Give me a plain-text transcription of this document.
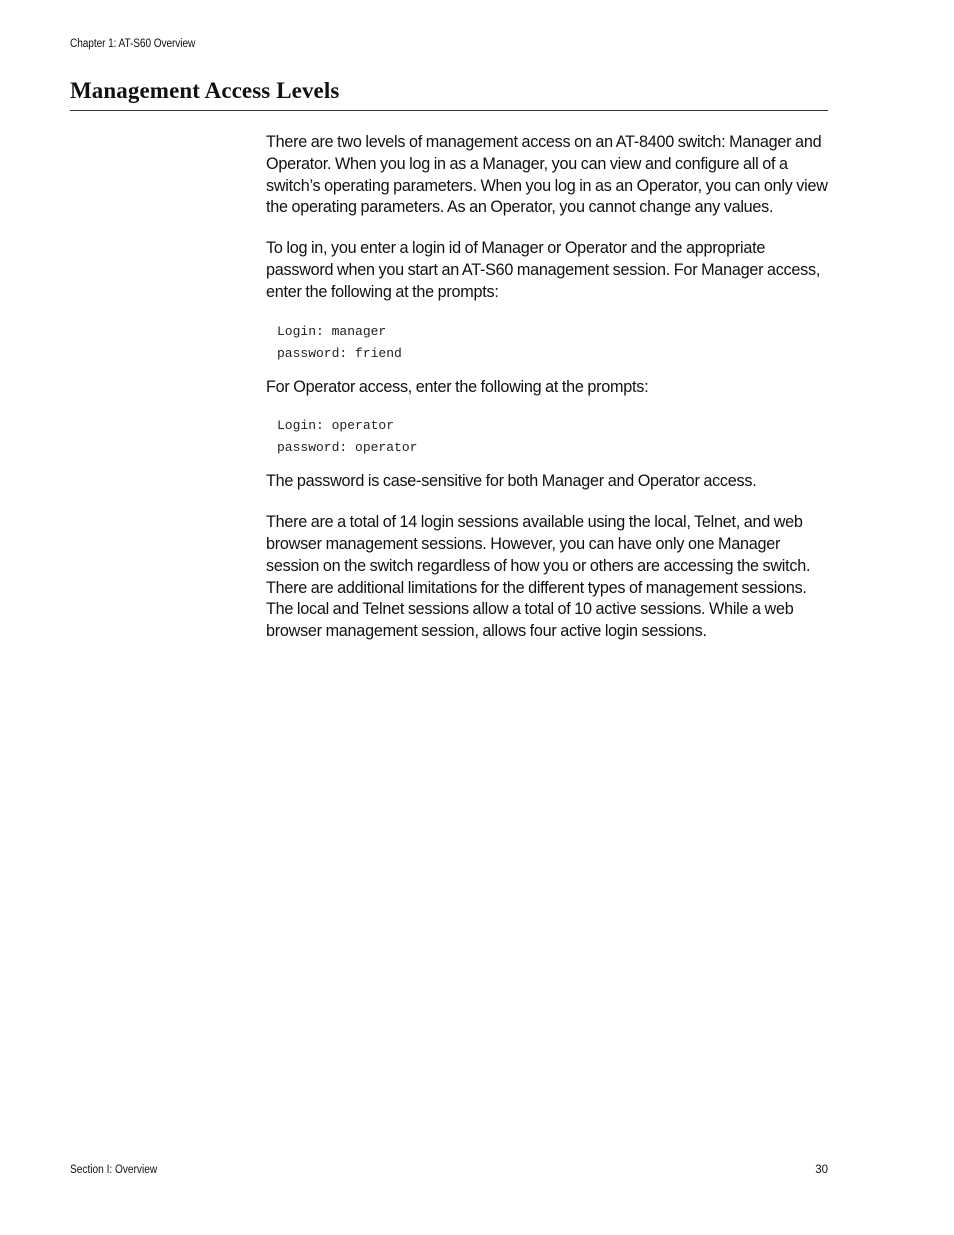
Chapter 1: AT-S60 Overview
Management Access Levels

There are two levels of management access on an AT-8400 switch: Manager and Operator. When you log in as a Manager, you can view and configure all of a switch’s operating parameters. When you log in as an Operator, you can only view the operating parameters. As an Operator, you cannot change any values.

To log in, you enter a login id of Manager or Operator and the appropriate password when you start an AT-S60 management session. For Manager access, enter the following at the prompts:

Login: manager
password: friend

For Operator access, enter the following at the prompts:

Login: operator
password: operator

The password is case-sensitive for both Manager and Operator access.

There are a total of 14 login sessions available using the local, Telnet, and web browser management sessions. However, you can have only one Manager session on the switch regardless of how you or others are accessing the switch. There are additional limitations for the different types of management sessions. The local and Telnet sessions allow a total of 10 active sessions. While a web browser management session, allows four active login sessions.

Section I: Overview	30
